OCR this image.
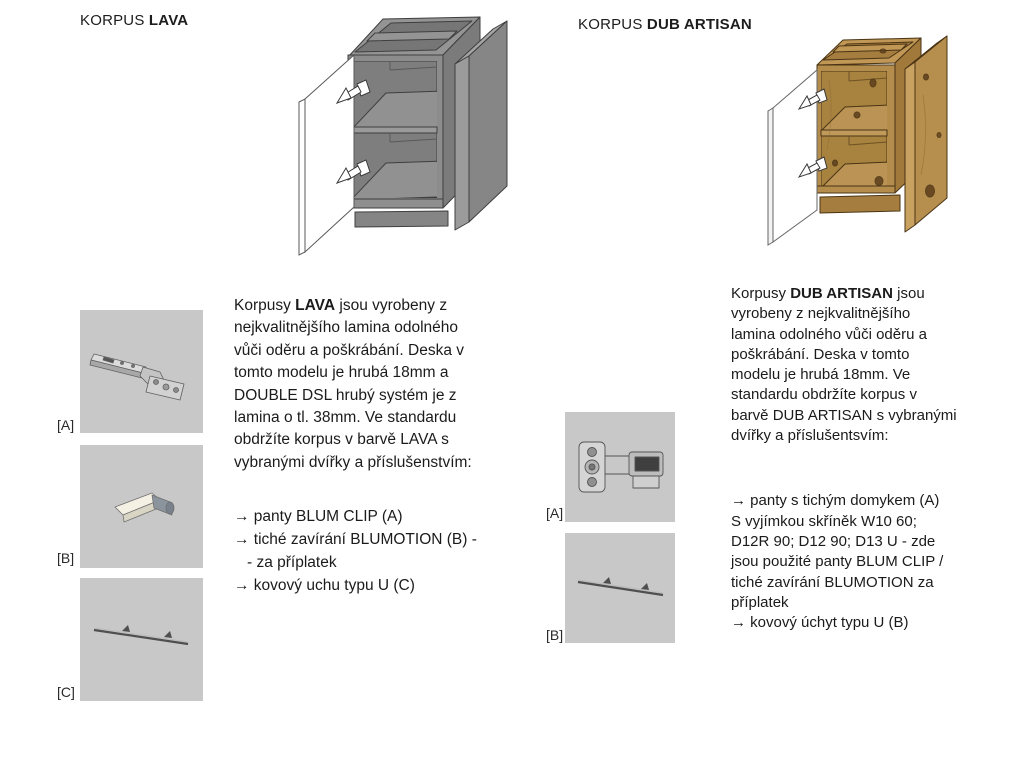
KORPUS LAVA
Korpusy LAVA jsou vyrobeny z
nejkvalitnějšího lamina odolného
vůči oděru a poškrábání. Deska v
tomto modelu je hrubá 18mm a
DOUBLE DSL hrubý systém je z
lamina o tl. 38mm. Ve standardu
obdržíte korpus v barvě LAVA s
vybranými dvířky a příslušenstvím:
→ panty BLUM CLIP (A)
→ tiché zavírání BLUMOTION (B) -
- za příplatek
→ kovový uchu typu U (C)
[A]
[B]
[C]
KORPUS DUB ARTISAN
Korpusy DUB ARTISAN jsou
vyrobeny z nejkvalitnějšího
lamina odolného vůči oděru a
poškrábání. Deska v tomto
modelu je hrubá 18mm. Ve
standardu obdržíte korpus v
barvě DUB ARTISAN s vybranými
dvířky a příslušentsvím:
→ panty s tichým domykem (A)
S vyjímkou skříněk W10 60;
D12R 90; D12 90; D13 U - zde
jsou použité panty BLUM CLIP /
tiché zavírání BLUMOTION za
příplatek
→ kovový úchyt typu U (B)
[A]
[B]
